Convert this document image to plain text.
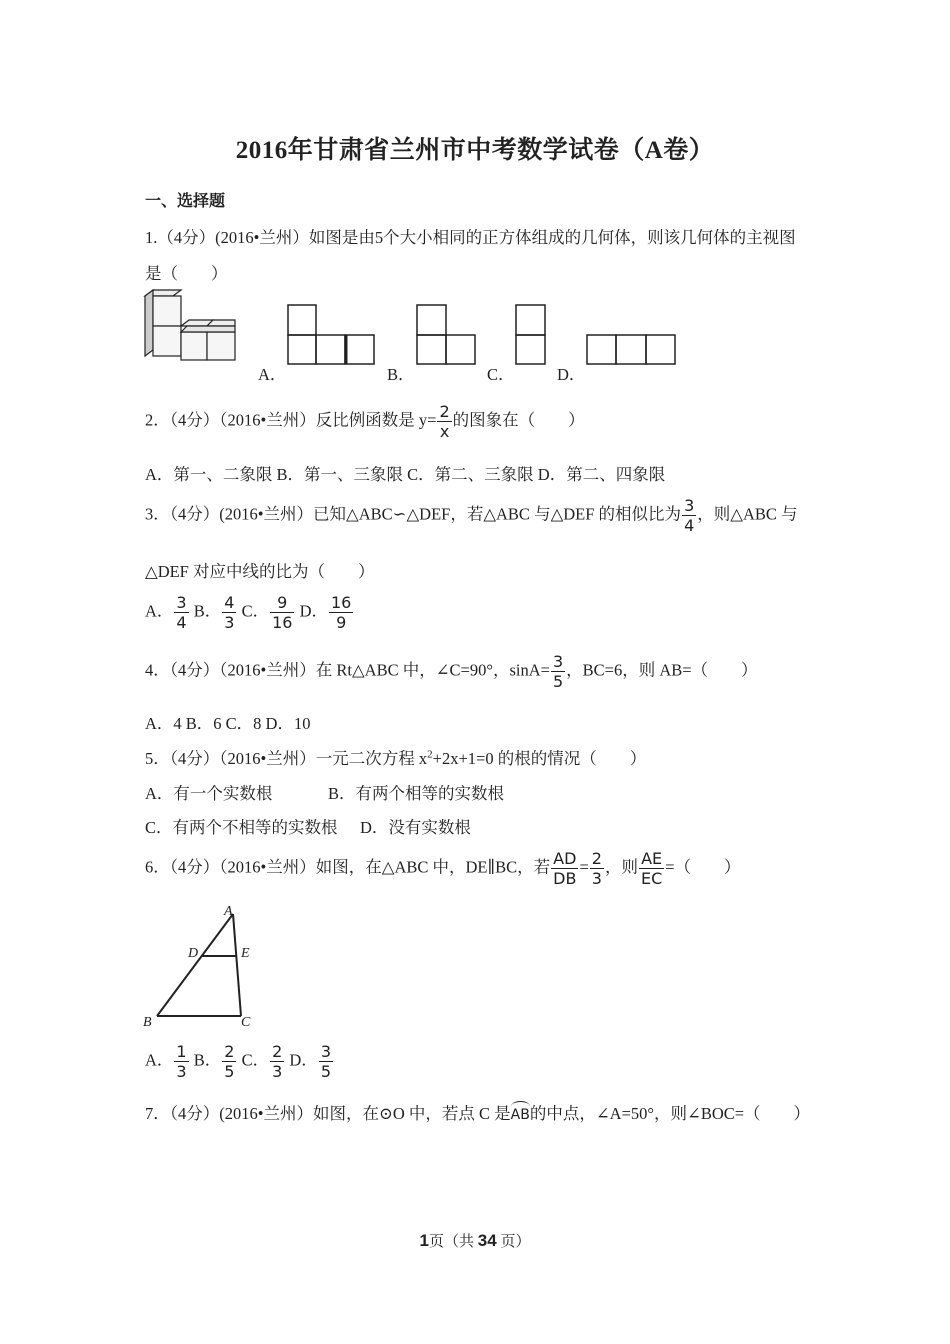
2016年甘肃省兰州市中考数学试卷（A卷）
一、选择题
1.（4分）(2016•兰州）如图是由5个大小相同的正方体组成的几何体，则该几何体的主视图
是（　　）
A．	B．	C．	D．
2．（4分）（2016•兰州）反比例函数是 $y= \frac{2}{x}$ 的图象在（　　）
A．第一、二象限 B．第一、三象限 C．第二、三象限 D．第二、四象限
3．（4分）(2016•兰州）已知△ABC∽△DEF，若△ABC 与△DEF 的相似比为 $\frac{3}{4}$ ，则△ABC 与
△DEF 对应中线的比为（　　）
A． $\frac{3}{4}$ B． $\frac{4}{3}$ C． $\frac{9}{16}$ D． $\frac{16}{9}$
4．（4分）（2016•兰州）在 Rt△ABC 中，∠C=90°，$\sin A= \frac{3}{5}$ ，BC=6，则 AB=（　　）
A．4 B．6 C．8 D．10
5．（4分）（2016•兰州）一元二次方程 $x^2+2x+1=0$ 的根的情况（　　）
A．有一个实数根	B．有两个相等的实数根
C．有两个不相等的实数根 D．没有实数根
6．（4分）（2016•兰州）如图，在△ABC 中，DE∥BC，若 $\frac{AD}{DB} = \frac{2}{3}$ ，则 $\frac{AE}{EC}$ =（　　）
A
D	E
B	C
A． $\frac{1}{3}$ B． $\frac{2}{5}$ C． $\frac{2}{3}$ D． $\frac{3}{5}$
7．（4分）(2016•兰州）如图，在⊙O 中，若点 C 是AB的中点，∠A=50°，则∠BOC=（　　）
1页（共 34 页）
